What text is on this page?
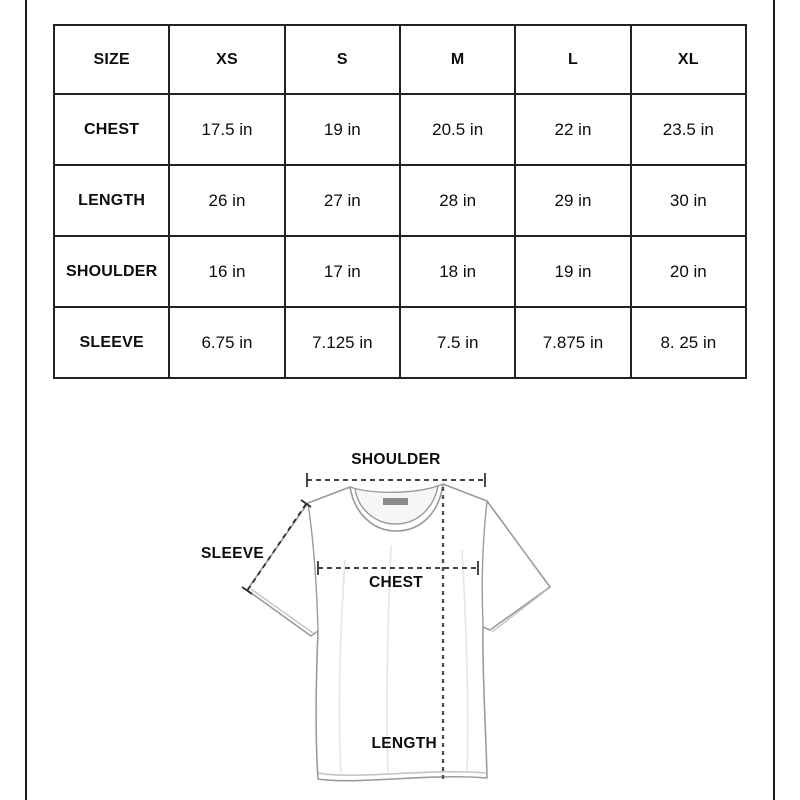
SIZE	XS	S	M	L	XL
CHEST	17.5 in	19 in	20.5 in	22 in	23.5 in
LENGTH	26 in	27 in	28 in	29 in	30 in
SHOULDER	16 in	17 in	18 in	19 in	20 in
SLEEVE	6.75 in	7.125 in	7.5 in	7.875 in	8. 25 in
SHOULDER
SLEEVE
CHEST
LENGTH
